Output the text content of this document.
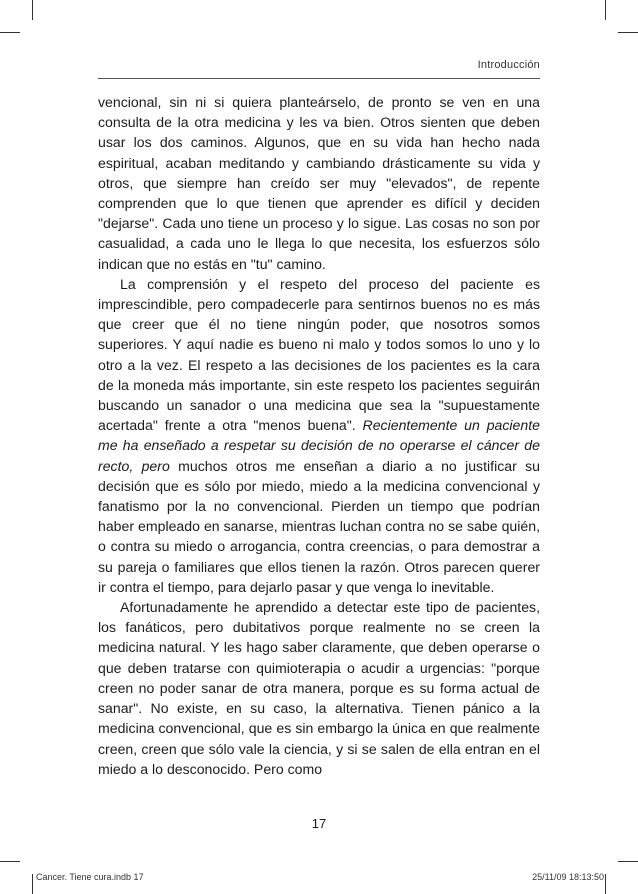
Introducción

vencional, sin ni si quiera planteárselo, de pronto se ven en una consulta de la otra medicina y les va bien. Otros sienten que deben usar los dos caminos. Algunos, que en su vida han hecho nada espiritual, acaban meditando y cambiando drásticamente su vida y otros, que siempre han creído ser muy "elevados", de repente comprenden que lo que tienen que aprender es difícil y deciden "dejarse". Cada uno tiene un proceso y lo sigue. Las cosas no son por casualidad, a cada uno le llega lo que necesita, los esfuerzos sólo indican que no estás en "tu" camino.

La comprensión y el respeto del proceso del paciente es imprescindible, pero compadecerle para sentirnos buenos no es más que creer que él no tiene ningún poder, que nosotros somos superiores. Y aquí nadie es bueno ni malo y todos somos lo uno y lo otro a la vez. El respeto a las decisiones de los pacientes es la cara de la moneda más importante, sin este respeto los pacientes seguirán buscando un sanador o una medicina que sea la "supuestamente acertada" frente a otra "menos buena". Recientemente un paciente me ha enseñado a respetar su decisión de no operarse el cáncer de recto, pero muchos otros me enseñan a diario a no justificar su decisión que es sólo por miedo, miedo a la medicina convencional y fanatismo por la no convencional. Pierden un tiempo que podrían haber empleado en sanarse, mientras luchan contra no se sabe quién, o contra su miedo o arrogancia, contra creencias, o para demostrar a su pareja o familiares que ellos tienen la razón. Otros parecen querer ir contra el tiempo, para dejarlo pasar y que venga lo inevitable.

Afortunadamente he aprendido a detectar este tipo de pacientes, los fanáticos, pero dubitativos porque realmente no se creen la medicina natural. Y les hago saber claramente, que deben operarse o que deben tratarse con quimioterapia o acudir a urgencias: "porque creen no poder sanar de otra manera, porque es su forma actual de sanar". No existe, en su caso, la alternativa. Tienen pánico a la medicina convencional, que es sin embargo la única en que realmente creen, creen que sólo vale la ciencia, y si se salen de ella entran en el miedo a lo desconocido. Pero como

17
Cancer. Tiene cura.indb 17	25/11/09 18:13:50
